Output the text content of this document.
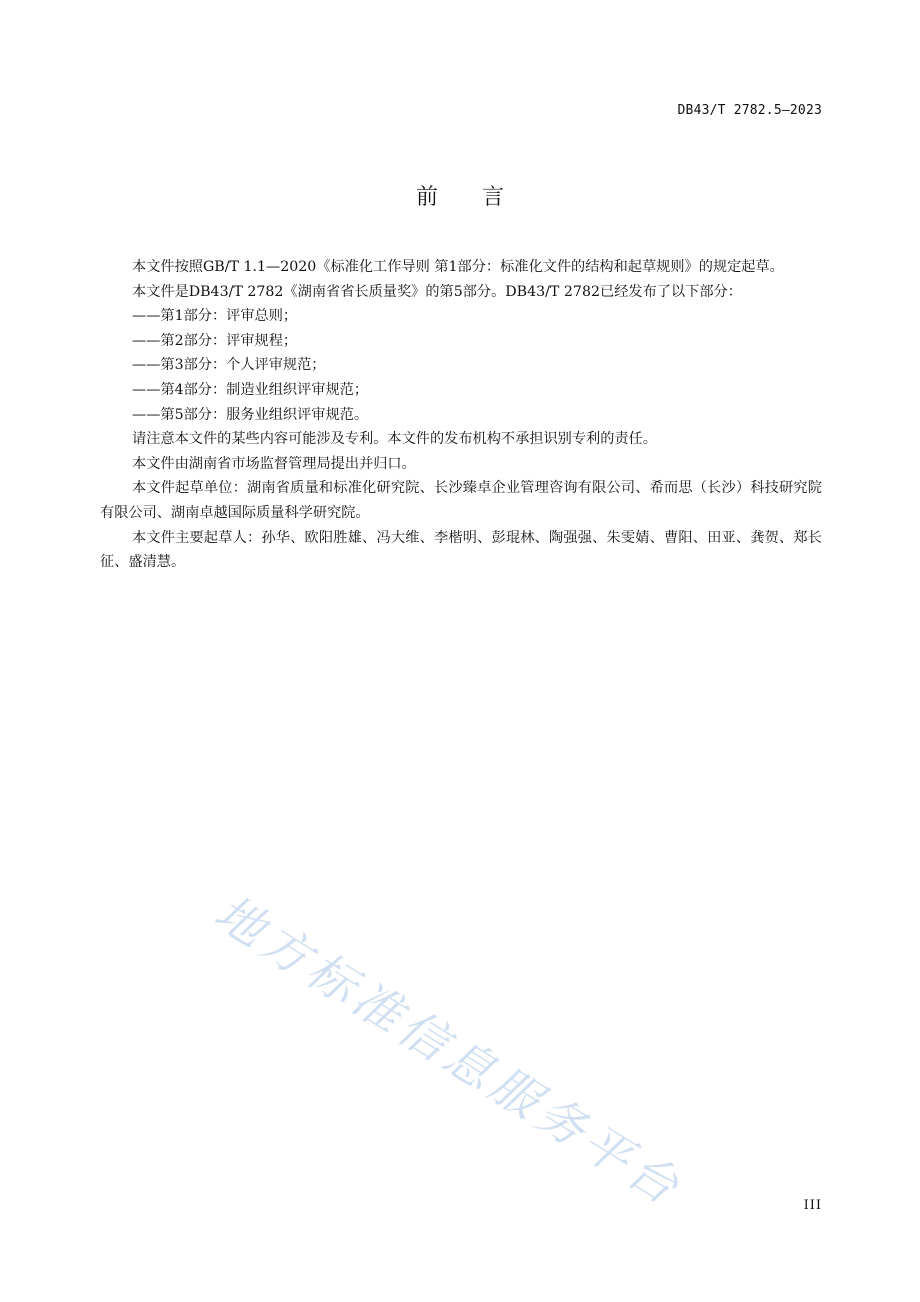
DB43/T 2782.5—2023
前 言

本文件按照GB/T 1.1—2020《标准化工作导则 第1部分：标准化文件的结构和起草规则》的规定起草。

本文件是DB43/T 2782《湖南省省长质量奖》的第5部分。DB43/T 2782已经发布了以下部分：

——第1部分：评审总则；

——第2部分：评审规程；

——第3部分：个人评审规范；

——第4部分：制造业组织评审规范；

——第5部分：服务业组织评审规范。

请注意本文件的某些内容可能涉及专利。本文件的发布机构不承担识别专利的责任。

本文件由湖南省市场监督管理局提出并归口。

本文件起草单位：湖南省质量和标准化研究院、长沙臻卓企业管理咨询有限公司、希而思（长沙）科技研究院有限公司、湖南卓越国际质量科学研究院。

本文件主要起草人：孙华、欧阳胜雄、冯大维、李楷明、彭琨林、陶强强、朱雯婧、曹阳、田亚、龚贺、郑长征、盛清慧。

地方标准信息服务平台	III
